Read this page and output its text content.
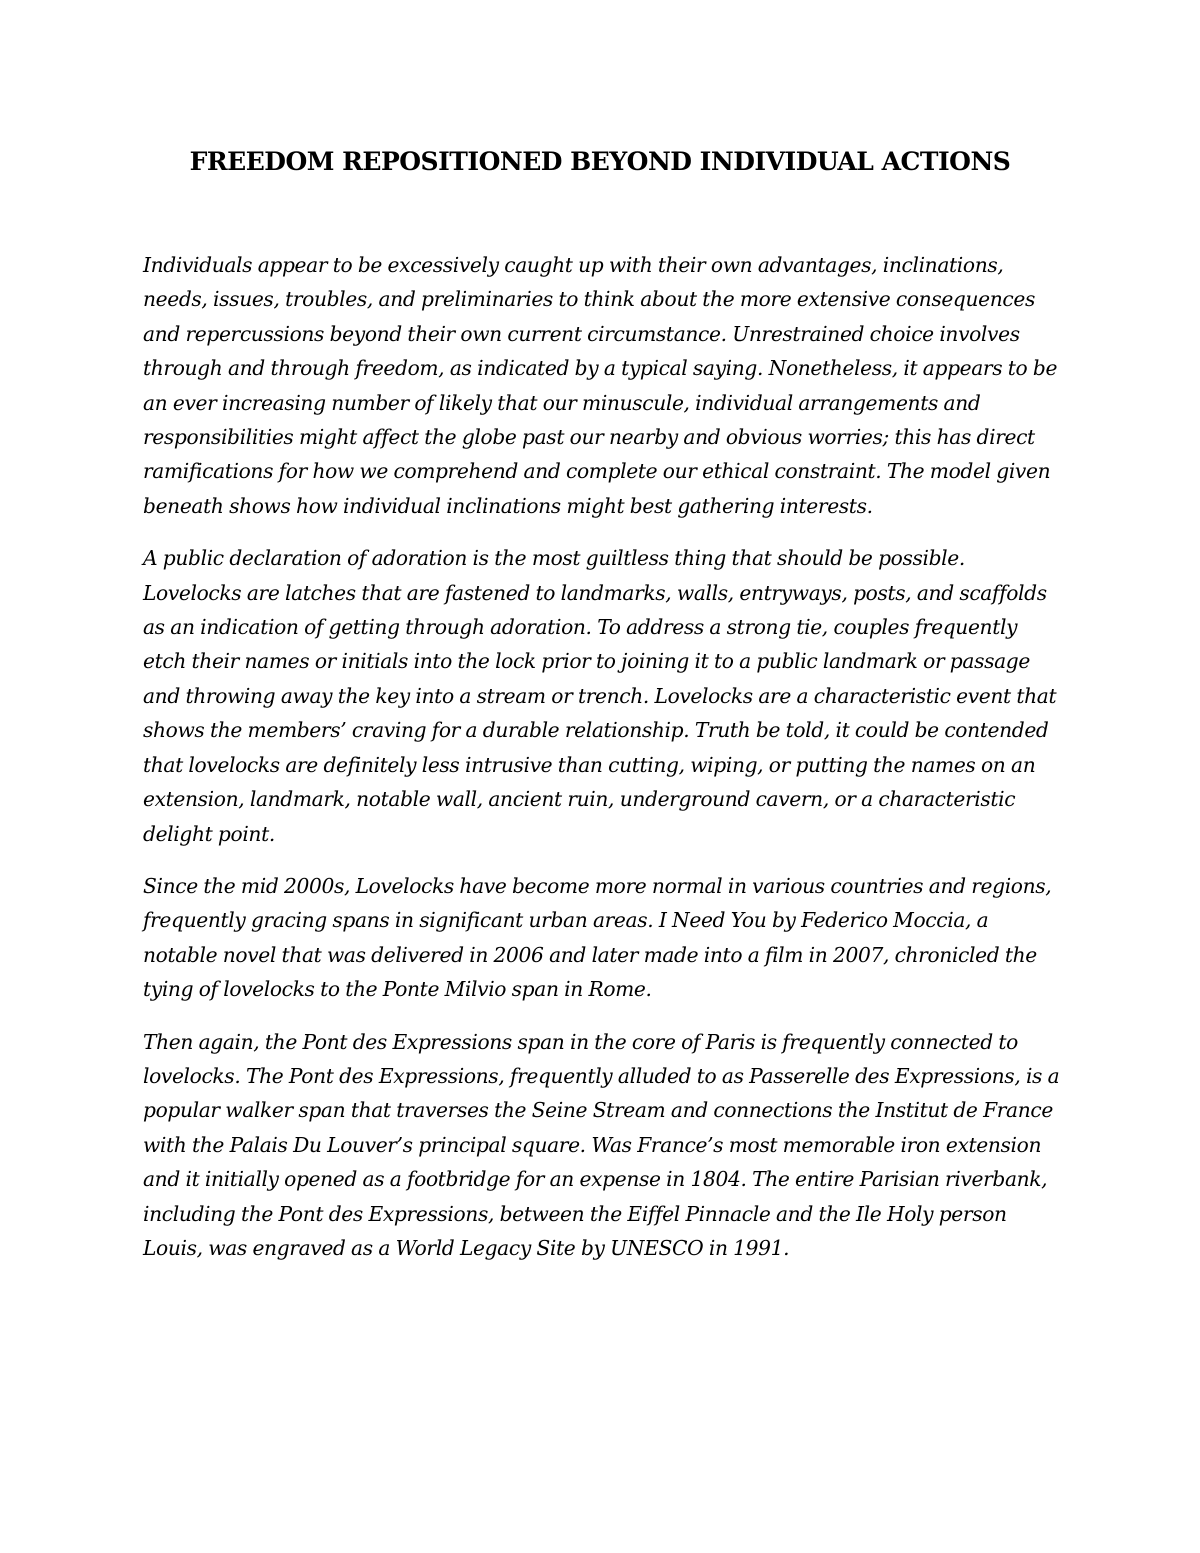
FREEDOM REPOSITIONED BEYOND INDIVIDUAL ACTIONS

Individuals appear to be excessively caught up with their own advantages, inclinations, needs, issues, troubles, and preliminaries to think about the more extensive consequences and repercussions beyond their own current circumstance. Unrestrained choice involves through and through freedom, as indicated by a typical saying. Nonetheless, it appears to be an ever increasing number of likely that our minuscule, individual arrangements and responsibilities might affect the globe past our nearby and obvious worries; this has direct ramifications for how we comprehend and complete our ethical constraint. The model given beneath shows how individual inclinations might best gathering interests.

A public declaration of adoration is the most guiltless thing that should be possible. Lovelocks are latches that are fastened to landmarks, walls, entryways, posts, and scaffolds as an indication of getting through adoration. To address a strong tie, couples frequently etch their names or initials into the lock prior to joining it to a public landmark or passage and throwing away the key into a stream or trench. Lovelocks are a characteristic event that shows the members’ craving for a durable relationship. Truth be told, it could be contended that lovelocks are definitely less intrusive than cutting, wiping, or putting the names on an extension, landmark, notable wall, ancient ruin, underground cavern, or a characteristic delight point.

Since the mid 2000s, Lovelocks have become more normal in various countries and regions, frequently gracing spans in significant urban areas. I Need You by Federico Moccia, a notable novel that was delivered in 2006 and later made into a film in 2007, chronicled the tying of lovelocks to the Ponte Milvio span in Rome.

Then again, the Pont des Expressions span in the core of Paris is frequently connected to lovelocks. The Pont des Expressions, frequently alluded to as Passerelle des Expressions, is a popular walker span that traverses the Seine Stream and connections the Institut de France with the Palais Du Louver’s principal square. Was France’s most memorable iron extension and it initially opened as a footbridge for an expense in 1804. The entire Parisian riverbank, including the Pont des Expressions, between the Eiffel Pinnacle and the Ile Holy person Louis, was engraved as a World Legacy Site by UNESCO in 1991.
